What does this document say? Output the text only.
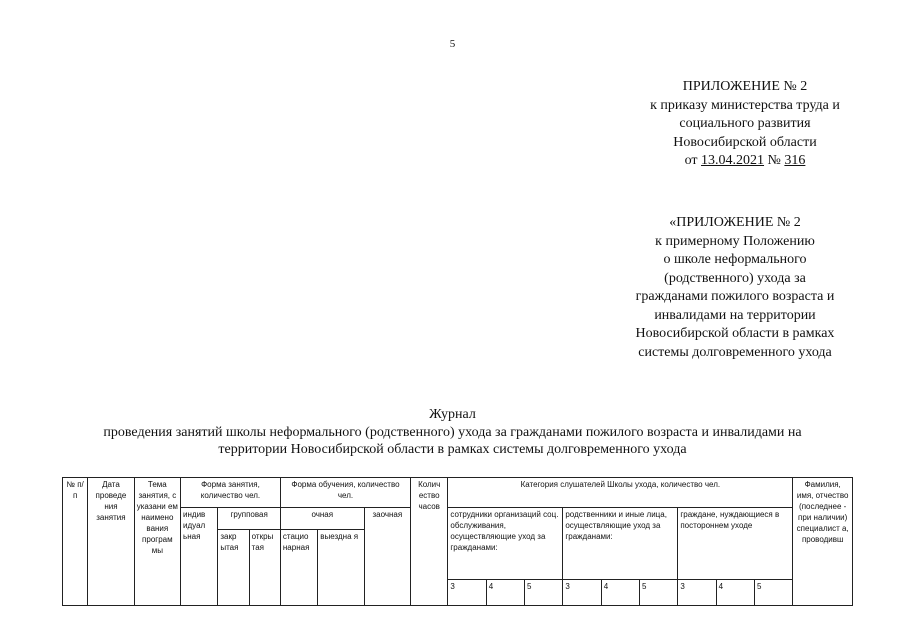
5
ПРИЛОЖЕНИЕ № 2
к приказу министерства труда и
социального развития
Новосибирской области
от 13.04.2021 № 316
«ПРИЛОЖЕНИЕ № 2
к примерному Положению
о школе неформального
(родственного) ухода за
гражданами пожилого возраста и
инвалидами на территории
Новосибирской области в рамках
системы долговременного ухода
Журнал
проведения занятий школы неформального (родственного) ухода за гражданами пожилого возраста и инвалидами на
территории Новосибирской области в рамках системы долговременного ухода
№ п/п	Дата проведе ния занятия	Тема занятия, с указани ем наимено вания програм мы	Форма занятия, количество чел.			Форма обучения, количество чел.			Колич ество часов	Категория слушателей Школы ухода, количество чел.									Фамилия, имя, отчество (последнее - при наличии) специалист а, проводивш
			индив идуал ьная	групповая		очная		заочная		сотрудники организаций соц. обслуживания, осуществляющие уход за гражданами:			родственники и иные лица, осуществляющие уход за гражданами:			граждане, нуждающиеся в постороннем уходе			
				закр ытая	откры тая	стацио нарная	выездна я												
										3	4	5	3	4	5	3	4	5	
